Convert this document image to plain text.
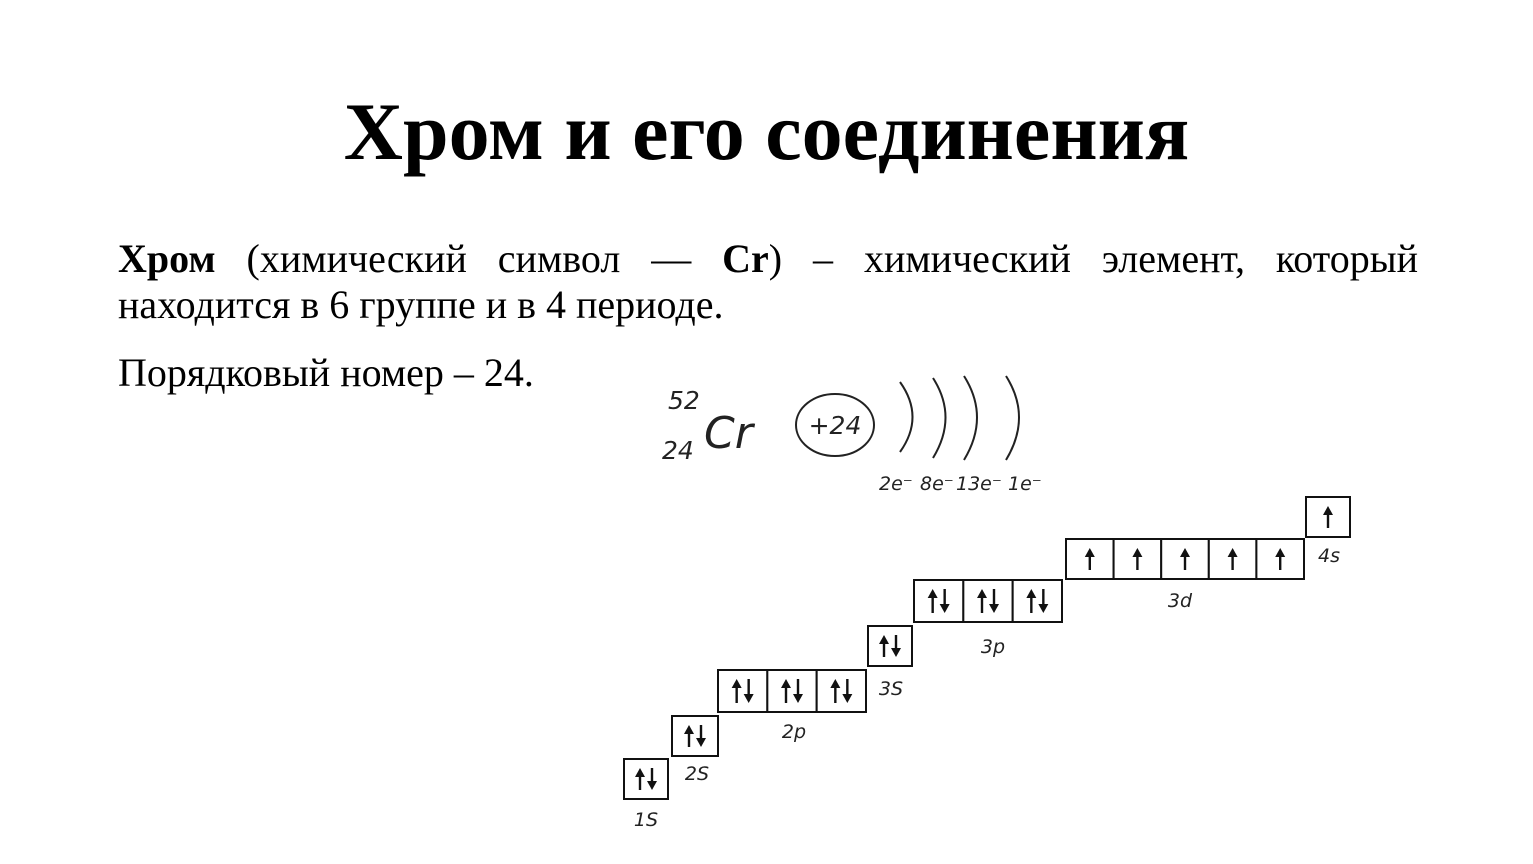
Хром и его соединения
Хром (химический символ — Cr) – химический элемент, который находится в 6 группе и в 4 периоде.
Порядковый номер – 24.
52
24 Cr +24
2e⁻ 8e⁻ 13e⁻ 1e⁻
1S
2S
2p
3S
3p
3d
4s
